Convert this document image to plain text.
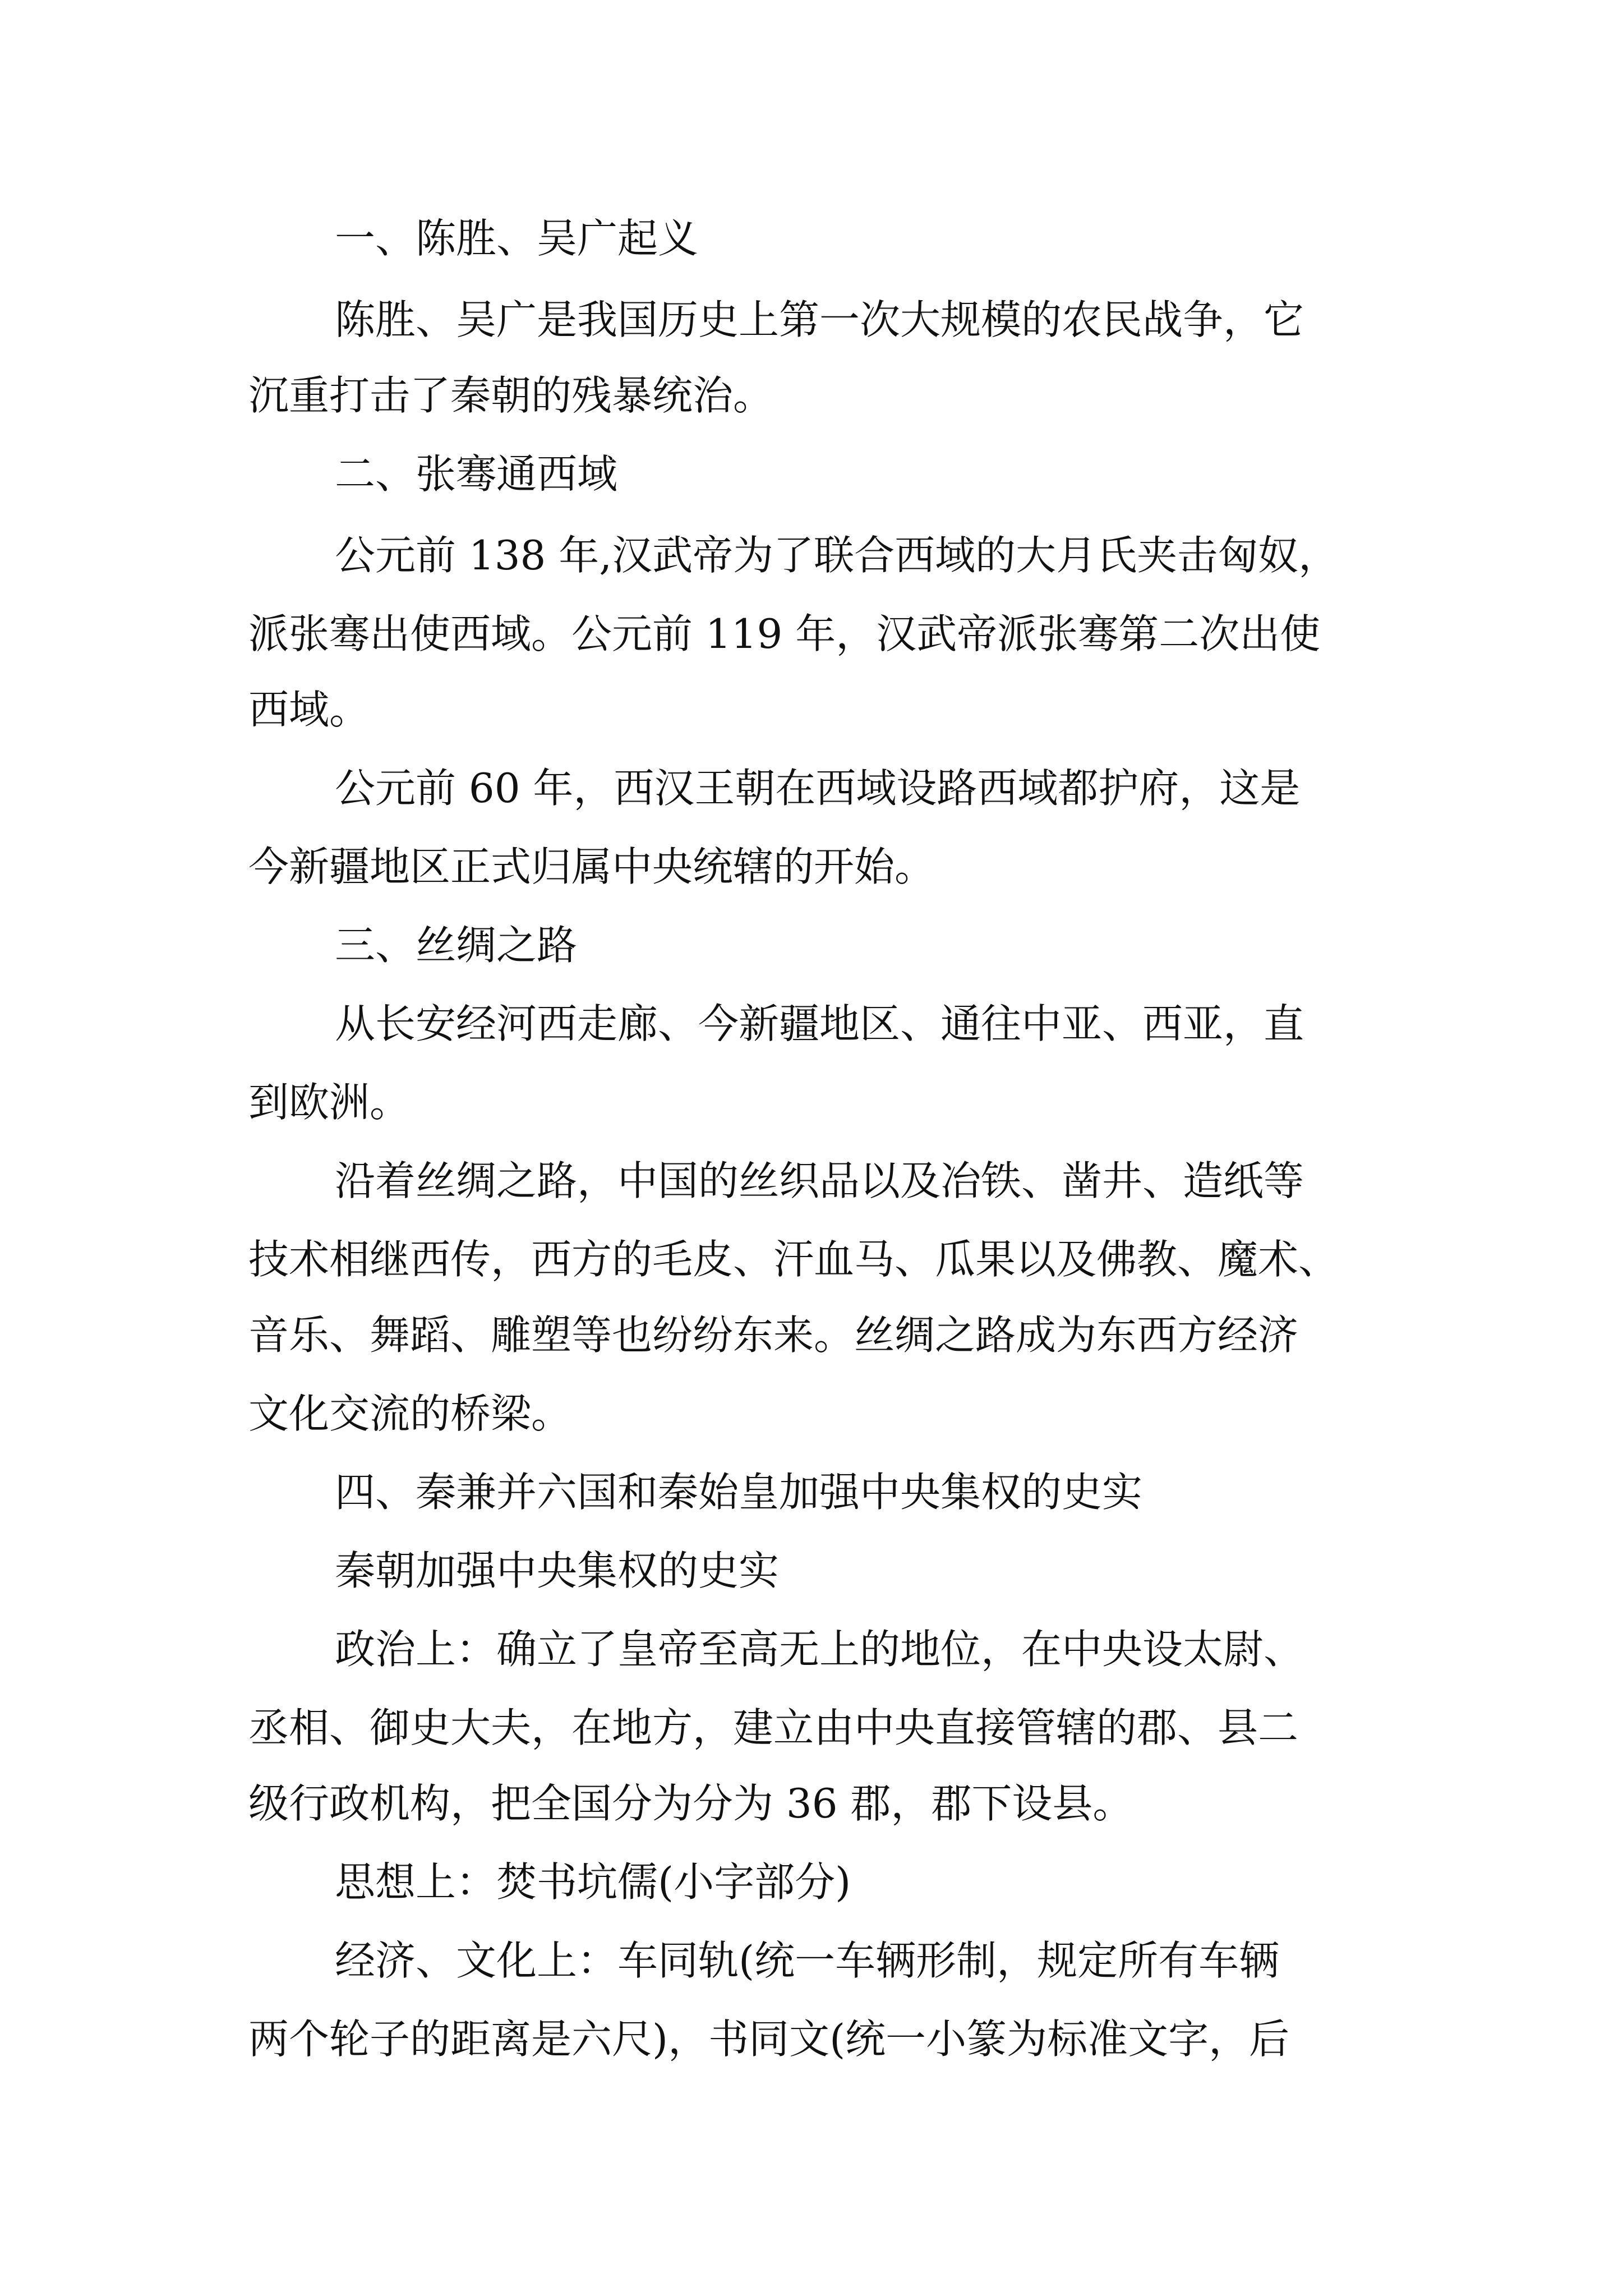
一、陈胜、吴广起义
陈胜、吴广是我国历史上第一次大规模的农民战争，它
沉重打击了秦朝的残暴统治。
二、张骞通西域
公元前 138 年,汉武帝为了联合西域的大月氏夹击匈奴，
派张骞出使西域。公元前 119 年，汉武帝派张骞第二次出使
西域。
公元前 60 年，西汉王朝在西域设路西域都护府，这是
今新疆地区正式归属中央统辖的开始。
三、丝绸之路
从长安经河西走廊、今新疆地区、通往中亚、西亚，直
到欧洲。
沿着丝绸之路，中国的丝织品以及冶铁、凿井、造纸等
技术相继西传，西方的毛皮、汗血马、瓜果以及佛教、魔术、
音乐、舞蹈、雕塑等也纷纷东来。丝绸之路成为东西方经济
文化交流的桥梁。
四、秦兼并六国和秦始皇加强中央集权的史实
秦朝加强中央集权的史实
政治上：确立了皇帝至高无上的地位，在中央设太尉、
丞相、御史大夫，在地方，建立由中央直接管辖的郡、县二
级行政机构，把全国分为分为 36 郡，郡下设县。
思想上：焚书坑儒(小字部分)
经济、文化上：车同轨(统一车辆形制，规定所有车辆
两个轮子的距离是六尺)，书同文(统一小篆为标准文字，后
